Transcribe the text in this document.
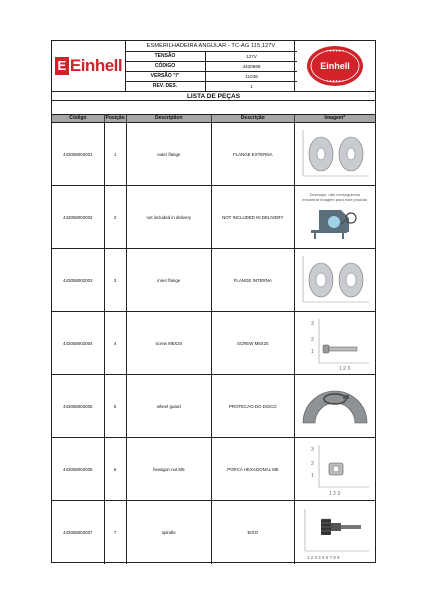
E Einhell
ESMERILHADEIRA ANGULAR - TC-AG 115,127V
TENSÃO	127V
CÓDIGO	4430669
VERSÃO "I"	11039
REV. DES.	1
● ● ● ● ● ●
Einhell
● ● ● ● ● ●
LISTA DE PEÇAS
Código	Posição	Description	Descrição	Imagem*
443058002001	1	outer flange	FLANGE EXTERNA
443058002002	2	not included in delivery	NOT INCLUDED IN DELIVERY
Desculpe, não conseguimos
encontrar imagem para este produto
443058002003	3	inner flange	FLANGE INTERNA
443058002004	4	screw M5X20	SCREW M5X20
3
2
1
1 2 3
443058002005	5	wheel guard	PROTECAO DO DISCO
443058002006	6	hexagon nut M5	PORCA HEXAGONAL M5
3
2
1
1 2 3
443058002007	7	spindle	EIXO
1 2 3 4 5 6 7 8 9
